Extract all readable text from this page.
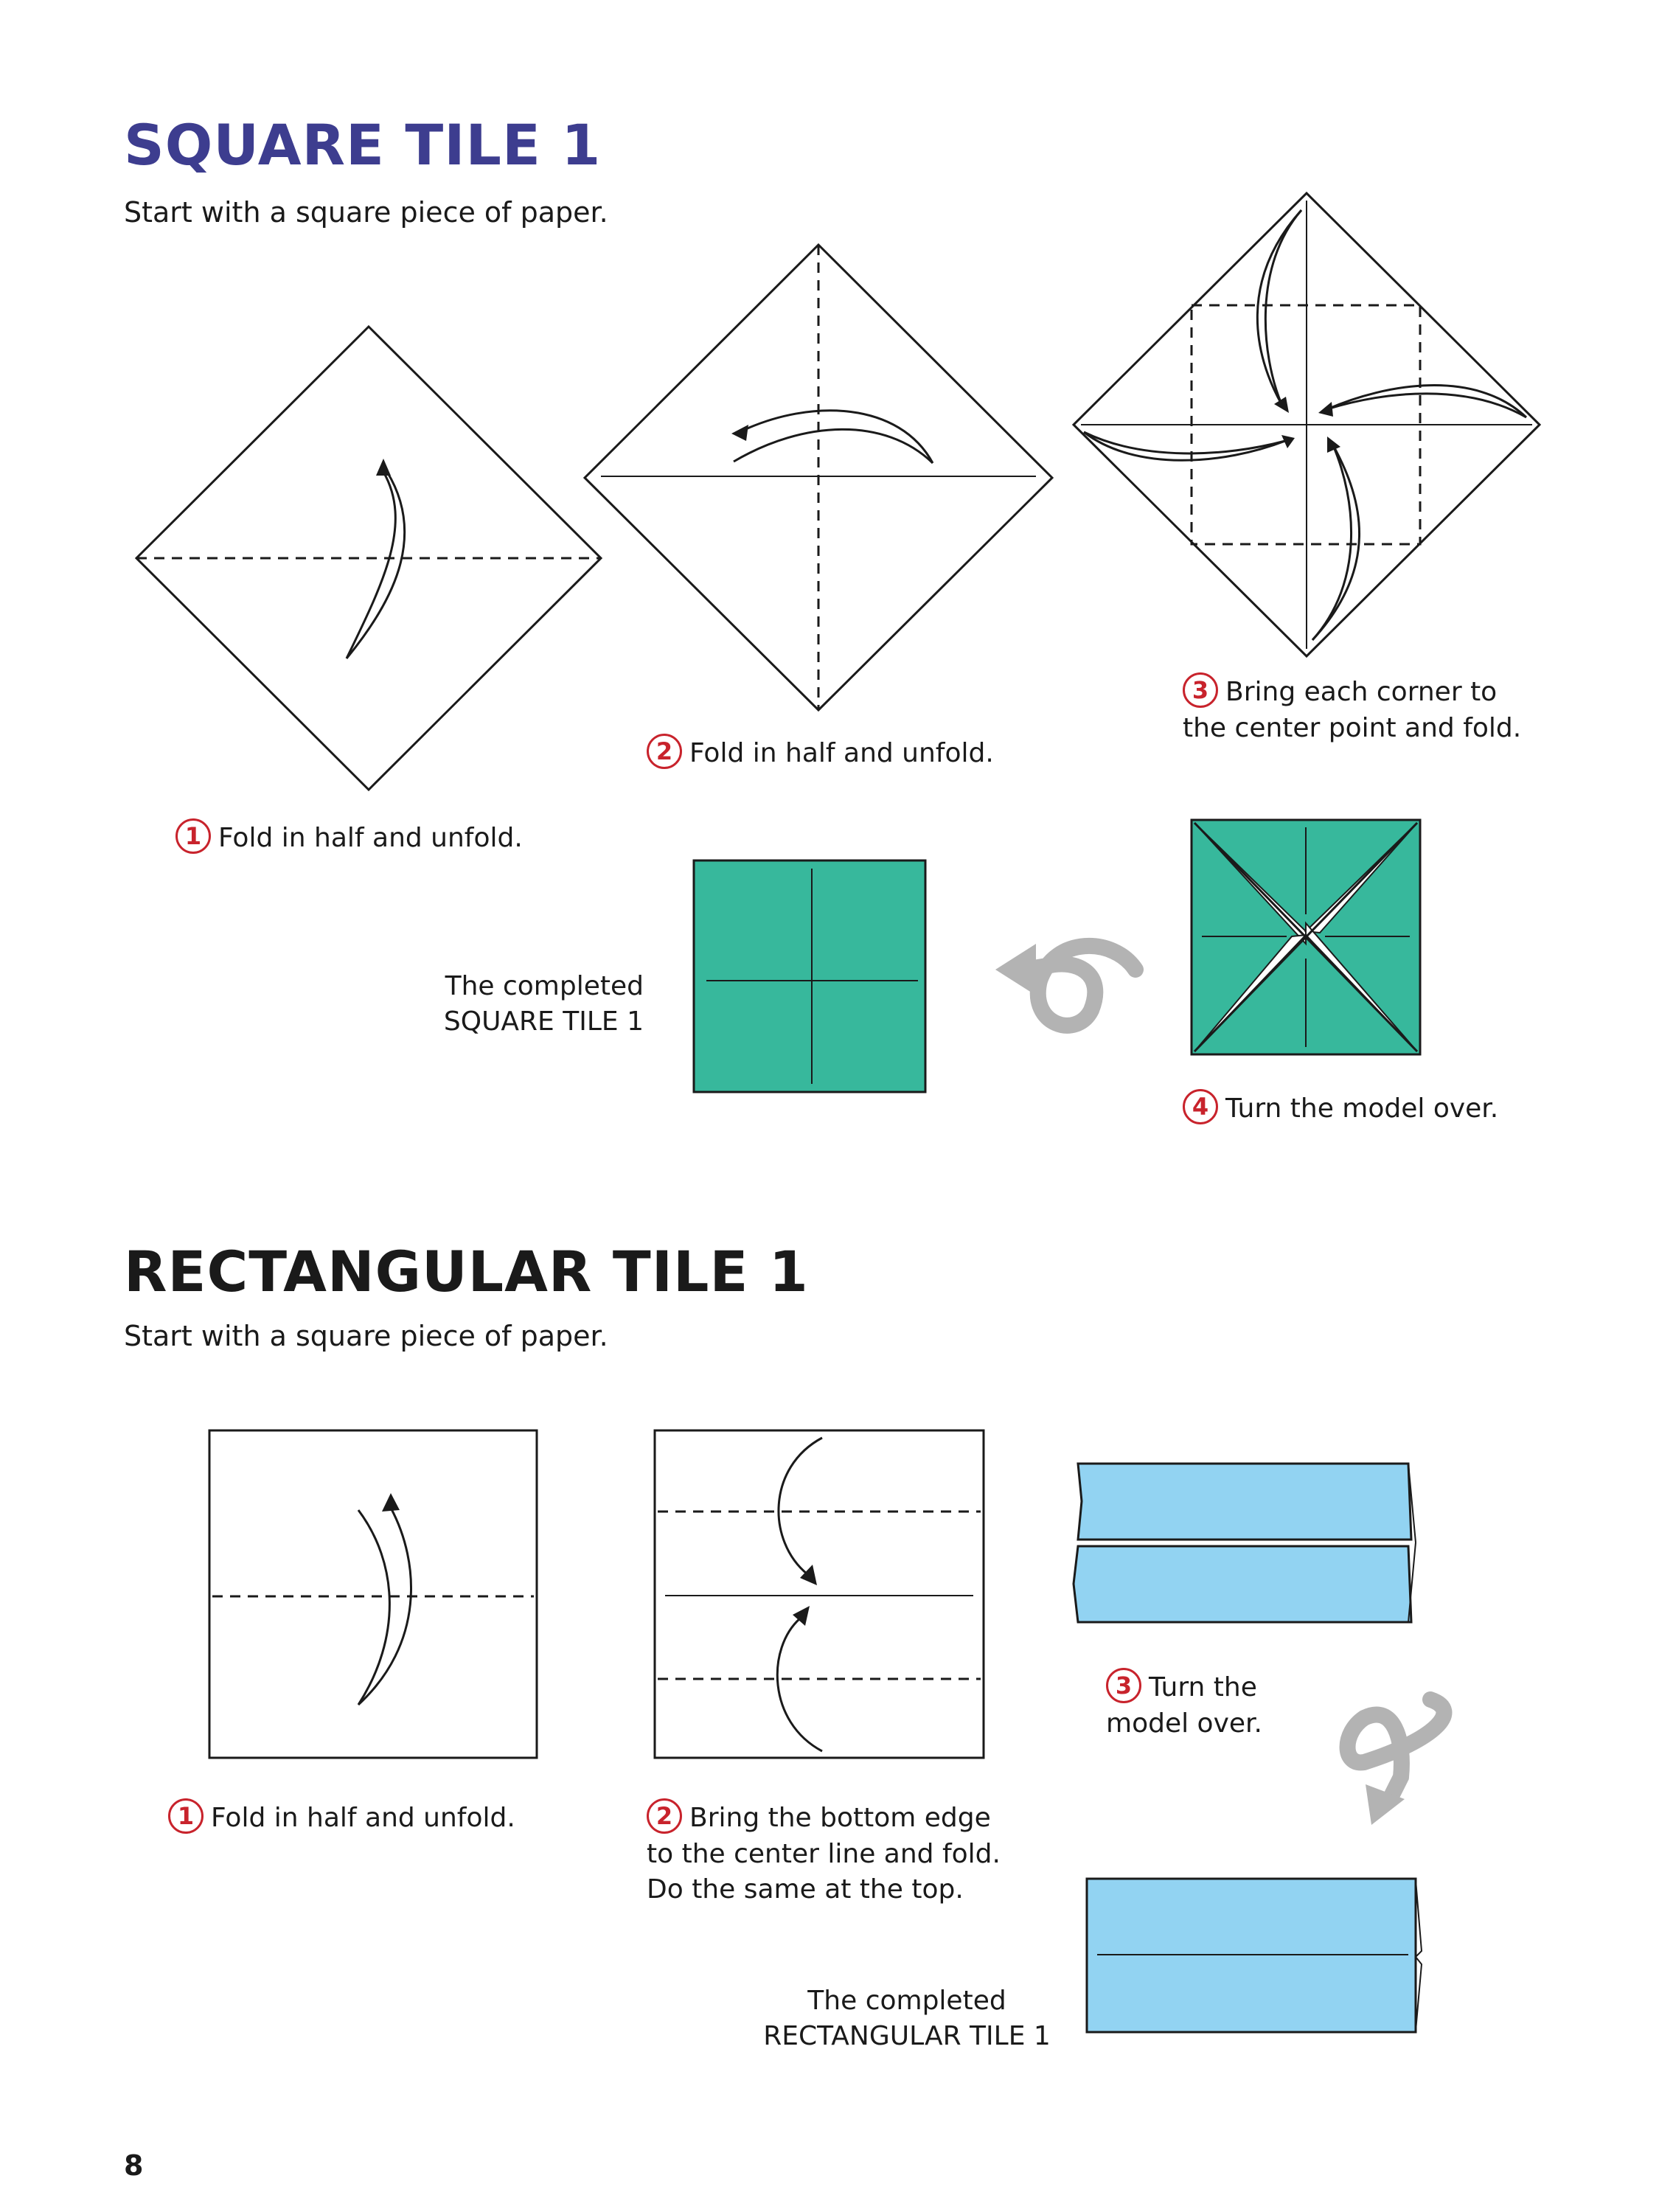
SQUARE TILE 1
Start with a square piece of paper.
3 Bring each corner to
the center point and fold.
2 Fold in half and unfold.
1 Fold in half and unfold.
The completed
SQUARE TILE 1
4 Turn the model over.
RECTANGULAR TILE 1
Start with a square piece of paper.
1 Fold in half and unfold.	2 Bring the bottom edge
to the center line and fold.
Do the same at the top.
3 Turn the
model over.
The completed
RECTANGULAR TILE 1
8
